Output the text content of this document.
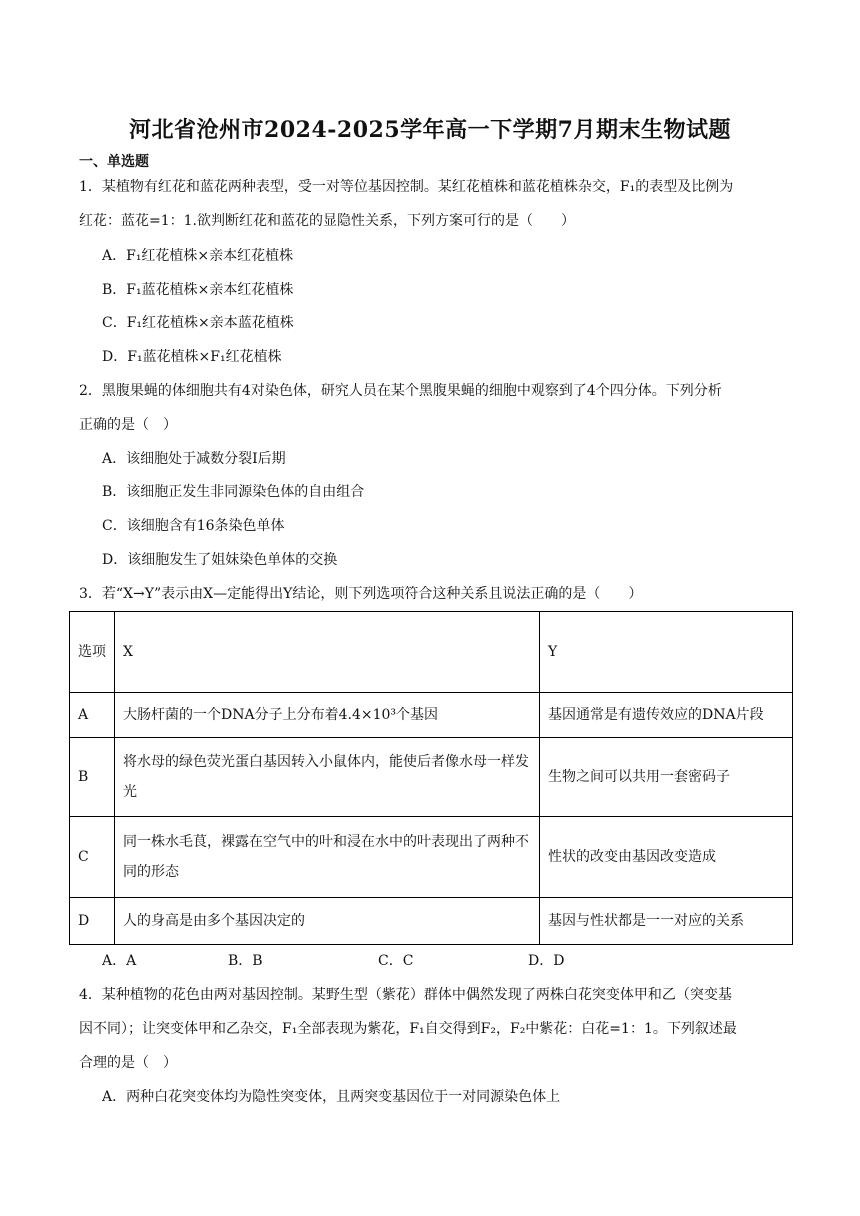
河北省沧州市2024-2025学年高一下学期7月期末生物试题
一、单选题
1．某植物有红花和蓝花两种表型，受一对等位基因控制。某红花植株和蓝花植株杂交，F₁的表型及比例为
红花：蓝花=1：1.欲判断红花和蓝花的显隐性关系，下列方案可行的是（　　）
A．F₁红花植株×亲本红花植株
B．F₁蓝花植株×亲本红花植株
C．F₁红花植株×亲本蓝花植株
D．F₁蓝花植株×F₁红花植株
2．黑腹果蝇的体细胞共有4对染色体，研究人员在某个黑腹果蝇的细胞中观察到了4个四分体。下列分析
正确的是（　）
A．该细胞处于减数分裂Ⅰ后期
B．该细胞正发生非同源染色体的自由组合
C．该细胞含有16条染色单体
D．该细胞发生了姐妹染色单体的交换
3．若“X→Y”表示由X—定能得出Y结论，则下列选项符合这种关系且说法正确的是（　　）
选项	X	Y
A	大肠杆菌的一个DNA分子上分布着4.4×10³个基因	基因通常是有遗传效应的DNA片段
B	将水母的绿色荧光蛋白基因转入小鼠体内，能使后者像水母一样发光	生物之间可以共用一套密码子
C	同一株水毛茛，裸露在空气中的叶和浸在水中的叶表现出了两种不同的形态	性状的改变由基因改变造成
D	人的身高是由多个基因决定的	基因与性状都是一一对应的关系
A．A	B．B	C．C	D．D
4．某种植物的花色由两对基因控制。某野生型（紫花）群体中偶然发现了两株白花突变体甲和乙（突变基
因不同）；让突变体甲和乙杂交，F₁全部表现为紫花，F₁自交得到F₂，F₂中紫花：白花=1：1。下列叙述最
合理的是（　）
A．两种白花突变体均为隐性突变体，且两突变基因位于一对同源染色体上
